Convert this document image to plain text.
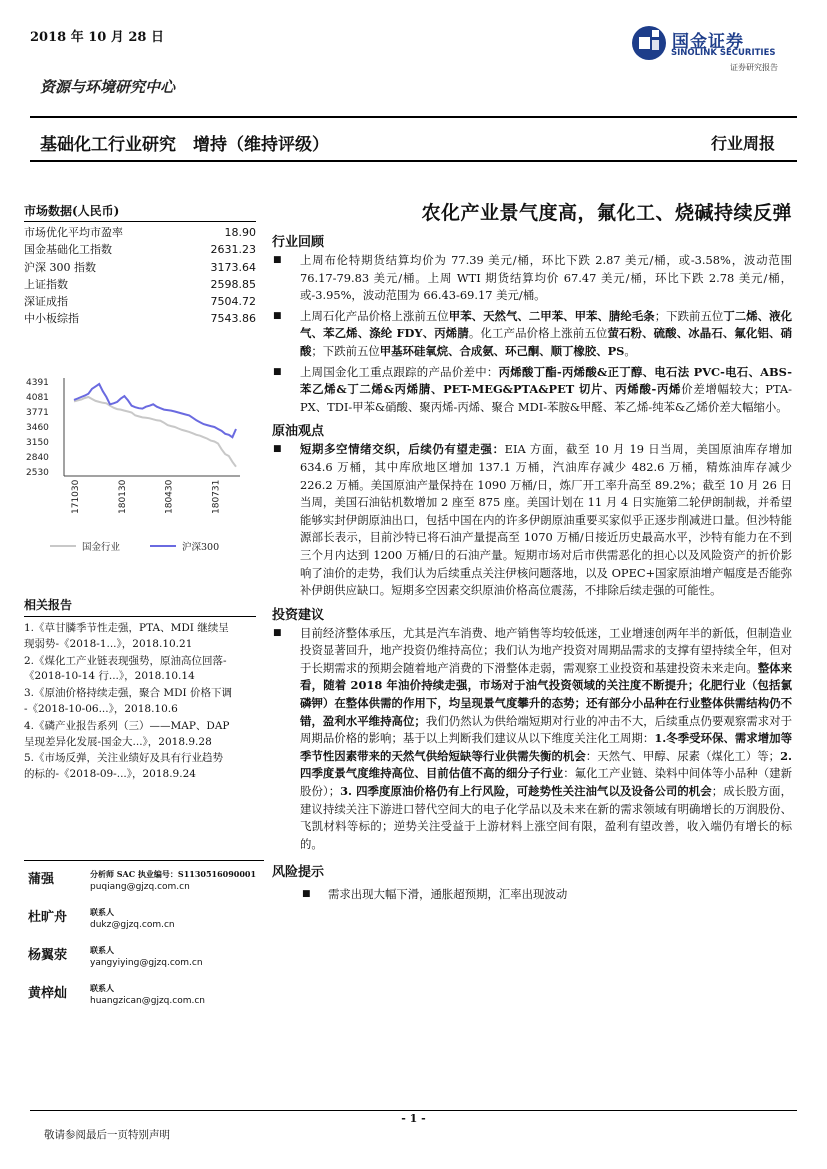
2018 年 10 月 28 日
资源与环境研究中心
基础化工行业研究　增持（维持评级）	行业周报
国金证券
SINOLINK SECURITIES
证券研究报告
市场数据(人民币)
市场优化平均市盈率	18.90
国金基础化工指数	2631.23
沪深 300 指数	3173.64
上证指数	2598.85
深证成指	7504.72
中小板综指	7543.86
4391
4081
3771
3460
3150
2840
2530
171030	180130	180430	180731
国金行业	沪深300
相关报告
1.《草甘膦季节性走强，PTA、MDI 继续呈
现弱势-《2018-1...》，2018.10.21
2.《煤化工产业链表现强势，原油高位回落-
《2018-10-14 行...》，2018.10.14
3.《原油价格持续走强，聚合 MDI 价格下调
-《2018-10-06...》，2018.10.6
4.《磷产业报告系列（三）——MAP、DAP
呈现差异化发展-国金大...》，2018.9.28
5.《市场反弹，关注业绩好及具有行业趋势
的标的-《2018-09-...》，2018.9.24
蒲强	分析师 SAC 执业编号：S1130516090001
puqiang@gjzq.com.cn
杜旷舟	联系人
dukz@gjzq.com.cn
杨翼荥	联系人
yangyiying@gjzq.com.cn
黄梓灿	联系人
huangzican@gjzq.com.cn
农化产业景气度高，氟化工、烧碱持续反弹
行业回顾
■ 上周布伦特期货结算均价为 77.39 美元/桶，环比下跌 2.87 美元/桶，或-3.58%，波动范围 76.17-79.83 美元/桶。上周 WTI 期货结算均价 67.47 美元/桶，环比下跌 2.78 美元/桶，或-3.95%，波动范围为 66.43-69.17 美元/桶。
■ 上周石化产品价格上涨前五位甲苯、天然气、二甲苯、甲苯、腈纶毛条；下跌前五位丁二烯、液化气、苯乙烯、涤纶 FDY、丙烯腈。化工产品价格上涨前五位萤石粉、硫酸、冰晶石、氟化铝、硝酸；下跌前五位甲基环硅氧烷、合成氨、环己酮、顺丁橡胶、PS。
■ 上周国金化工重点跟踪的产品价差中：丙烯酸丁酯-丙烯酸&正丁醇、电石法 PVC-电石、ABS-苯乙烯&丁二烯&丙烯腈、PET-MEG&PTA&PET 切片、丙烯酸-丙烯价差增幅较大；PTA-PX、TDI-甲苯&硝酸、聚丙烯-丙烯、聚合 MDI-苯胺&甲醛、苯乙烯-纯苯&乙烯价差大幅缩小。
原油观点
■ 短期多空情绪交织，后续仍有望走强：EIA 方面，截至 10 月 19 日当周，美国原油库存增加 634.6 万桶，其中库欣地区增加 137.1 万桶，汽油库存减少 482.6 万桶，精炼油库存减少 226.2 万桶。美国原油产量保持在 1090 万桶/日，炼厂开工率升高至 89.2%；截至 10 月 26 日当周，美国石油钻机数增加 2 座至 875 座。美国计划在 11 月 4 日实施第二轮伊朗制裁，并希望能够实封伊朗原油出口，包括中国在内的许多伊朗原油重要买家似乎正逐步削减进口量。但沙特能源部长表示，目前沙特已将石油产量提高至 1070 万桶/日接近历史最高水平，沙特有能力在不到三个月内达到 1200 万桶/日的石油产量。短期市场对后市供需恶化的担心以及风险资产的折价影响了油价的走势，我们认为后续重点关注伊核问题落地，以及 OPEC+国家原油增产幅度是否能弥补伊朗供应缺口。短期多空因素交织原油价格高位震荡，不排除后续走强的可能性。
投资建议
■ 目前经济整体承压，尤其是汽车消费、地产销售等均较低迷，工业增速创两年半的新低，但制造业投资显著回升，地产投资仍维持高位；我们认为地产投资对周期品需求的支撑有望持续全年，但对于长期需求的预期会随着地产消费的下滑整体走弱，需观察工业投资和基建投资未来走向。整体来看，随着 2018 年油价持续走强，市场对于油气投资领域的关注度不断提升；化肥行业（包括氯磷钾）在整体供需的作用下，均呈现景气度攀升的态势；还有部分小品种在行业整体供需结构仍不错，盈利水平维持高位；我们仍然认为供给端短期对行业的冲击不大，后续重点仍要观察需求对于周期品价格的影响；基于以上判断我们建议从以下维度关注化工周期：1.冬季受环保、需求增加等季节性因素带来的天然气供给短缺等行业供需失衡的机会：天然气、甲醇、尿素（煤化工）等；2. 四季度景气度维持高位、目前估值不高的细分子行业：氟化工产业链、染料中间体等小品种（建新股份）；3. 四季度原油价格仍有上行风险，可趁势性关注油气以及设备公司的机会；成长股方面，建议持续关注下游进口替代空间大的电子化学品以及未来在新的需求领域有明确增长的万润股份、飞凯材料等标的；逆势关注受益于上游材料上涨空间有限，盈利有望改善，收入端仍有增长的标的。
风险提示
■ 需求出现大幅下滑，通胀超预期，汇率出现波动
- 1 -
敬请参阅最后一页特别声明
